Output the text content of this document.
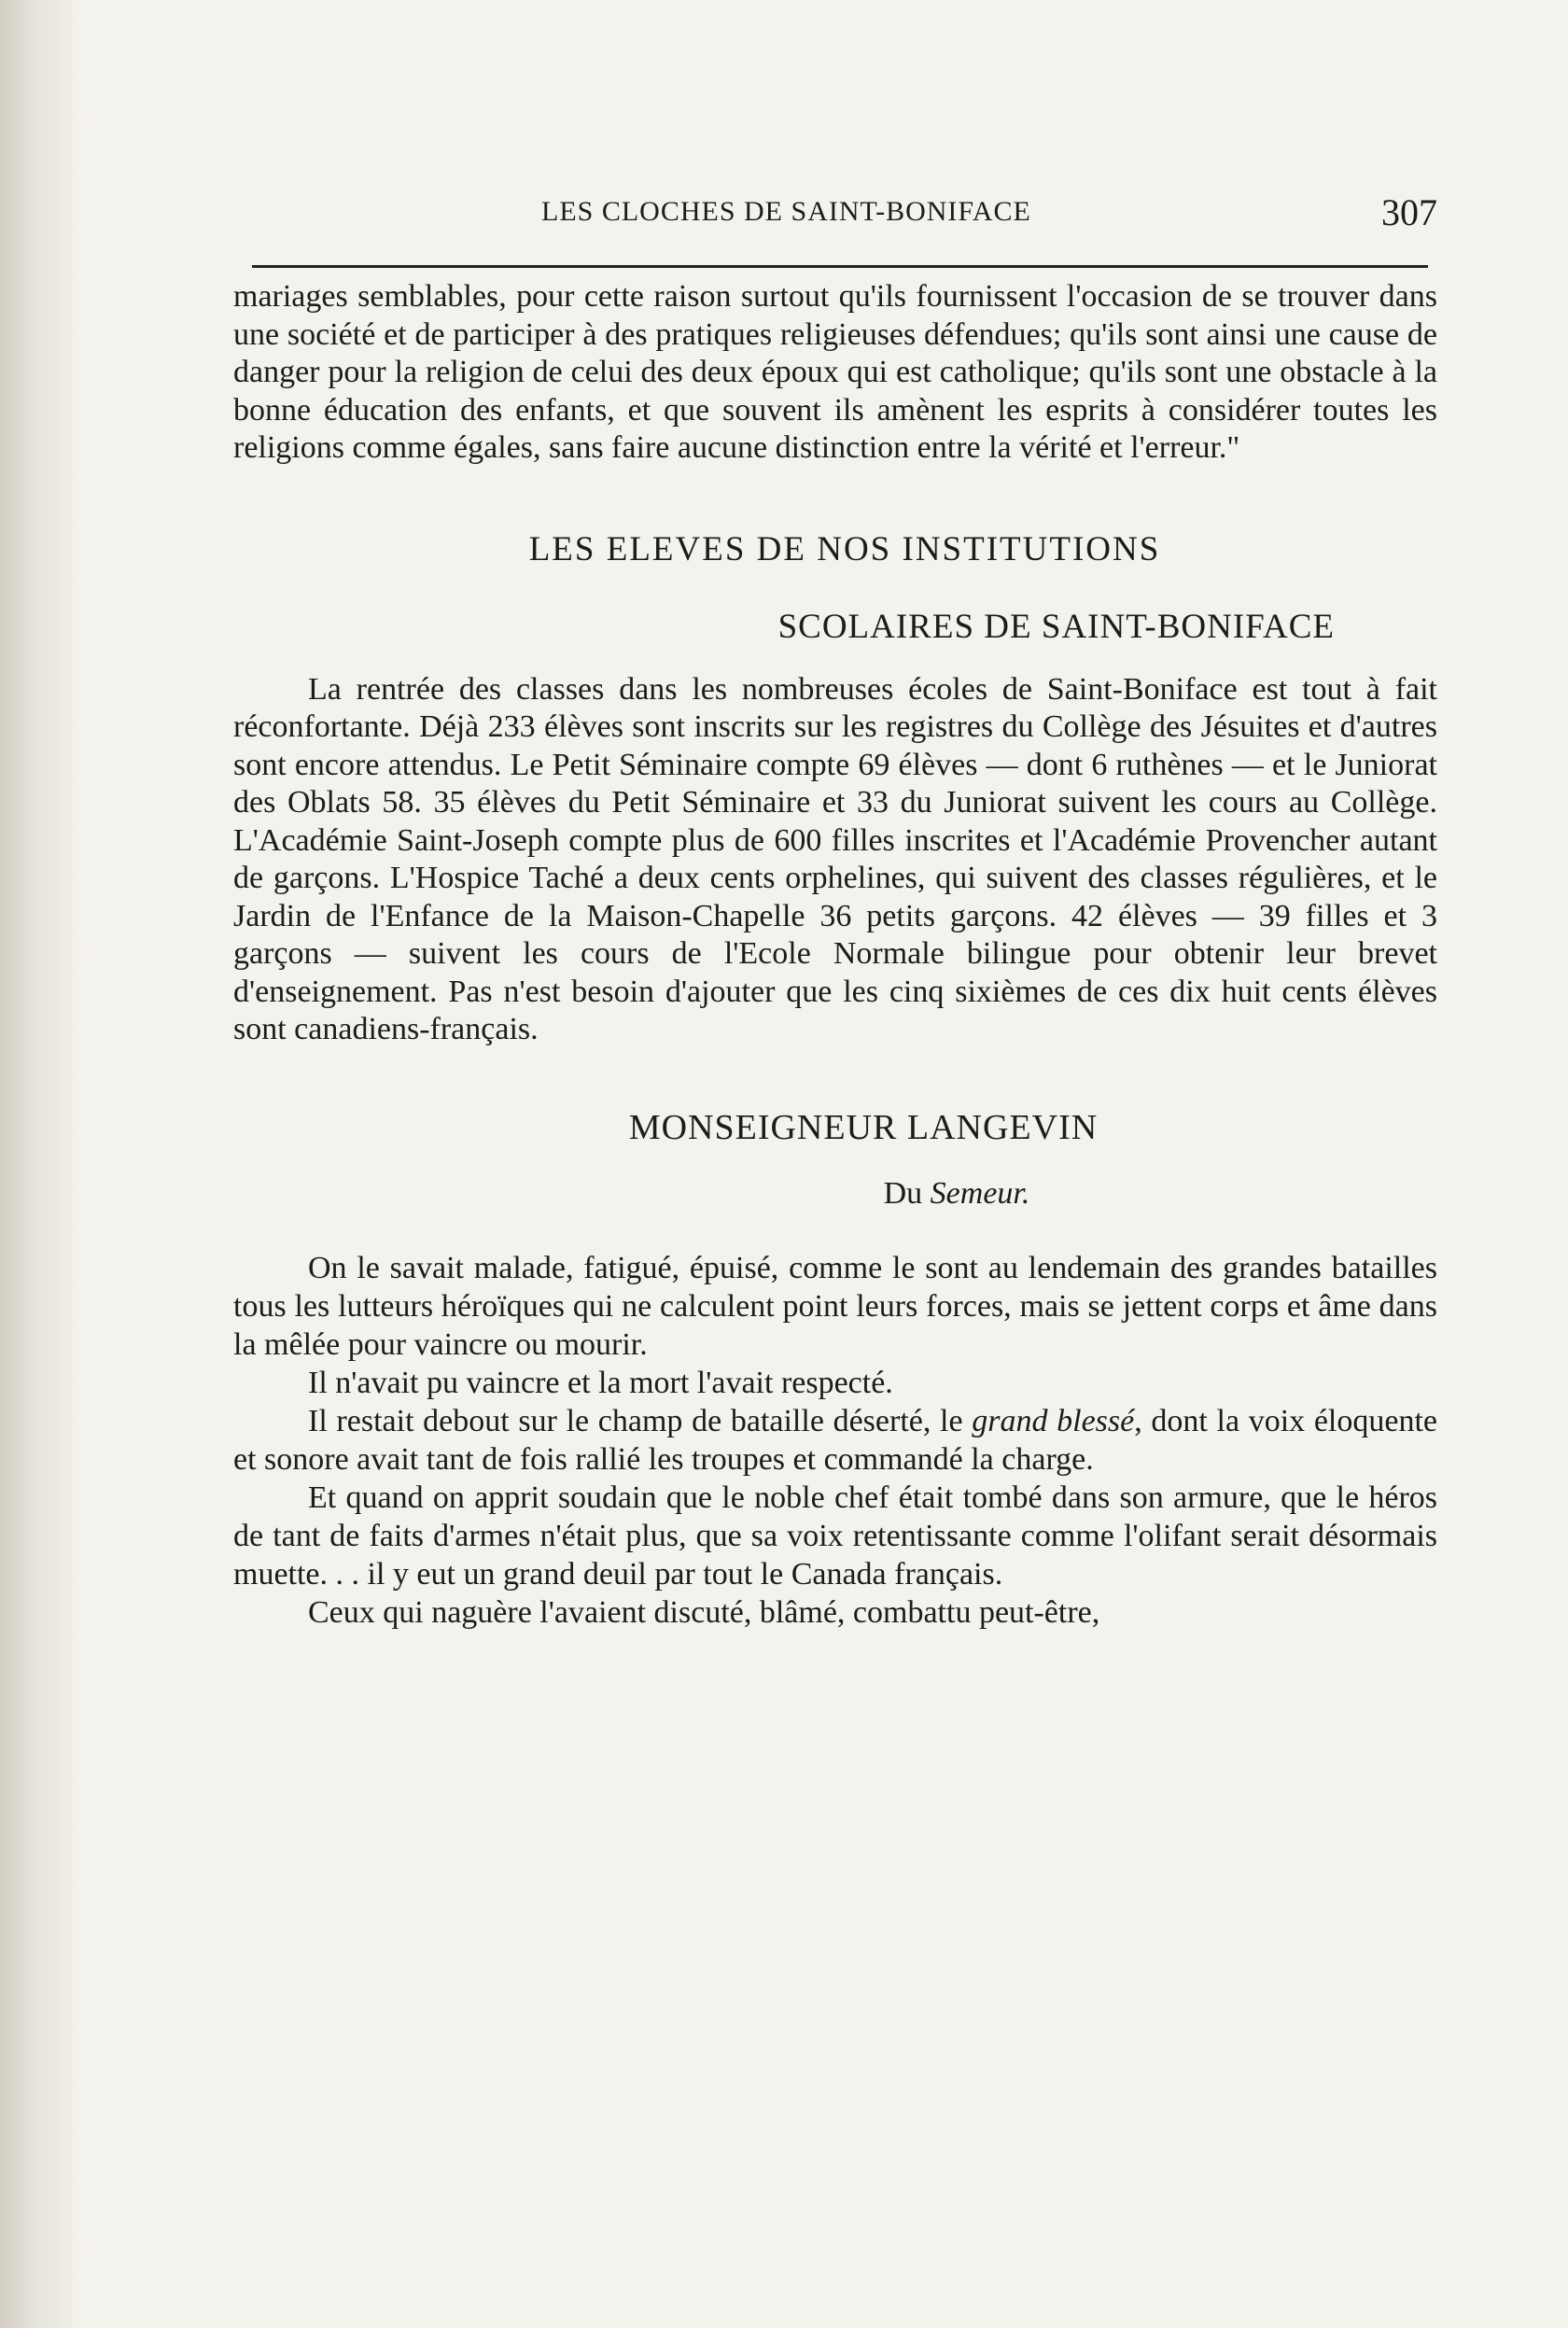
LES CLOCHES DE SAINT-BONIFACE	307

mariages semblables, pour cette raison surtout qu'ils fournissent l'occasion de se trouver dans une société et de participer à des pratiques religieuses défendues; qu'ils sont ainsi une cause de danger pour la religion de celui des deux époux qui est catholique; qu'ils sont une obstacle à la bonne éducation des enfants, et que souvent ils amènent les esprits à considérer toutes les religions comme égales, sans faire aucune distinction entre la vérité et l'erreur."

LES ELEVES DE NOS INSTITUTIONS
SCOLAIRES DE SAINT-BONIFACE

La rentrée des classes dans les nombreuses écoles de Saint-Boniface est tout à fait réconfortante. Déjà 233 élèves sont inscrits sur les registres du Collège des Jésuites et d'autres sont encore attendus. Le Petit Séminaire compte 69 élèves — dont 6 ruthènes — et le Juniorat des Oblats 58. 35 élèves du Petit Séminaire et 33 du Juniorat suivent les cours au Collège. L'Académie Saint-Joseph compte plus de 600 filles inscrites et l'Académie Provencher autant de garçons. L'Hospice Taché a deux cents orphelines, qui suivent des classes régulières, et le Jardin de l'Enfance de la Maison-Chapelle 36 petits garçons. 42 élèves — 39 filles et 3 garçons — suivent les cours de l'Ecole Normale bilingue pour obtenir leur brevet d'enseignement. Pas n'est besoin d'ajouter que les cinq sixièmes de ces dix huit cents élèves sont canadiens-français.

MONSEIGNEUR LANGEVIN
Du Semeur.

On le savait malade, fatigué, épuisé, comme le sont au lendemain des grandes batailles tous les lutteurs héroïques qui ne calculent point leurs forces, mais se jettent corps et âme dans la mêlée pour vaincre ou mourir.

Il n'avait pu vaincre et la mort l'avait respecté.

Il restait debout sur le champ de bataille déserté, le grand blessé, dont la voix éloquente et sonore avait tant de fois rallié les troupes et commandé la charge.

Et quand on apprit soudain que le noble chef était tombé dans son armure, que le héros de tant de faits d'armes n'était plus, que sa voix retentissante comme l'olifant serait désormais muette. . . il y eut un grand deuil par tout le Canada français.

Ceux qui naguère l'avaient discuté, blâmé, combattu peut-être,
